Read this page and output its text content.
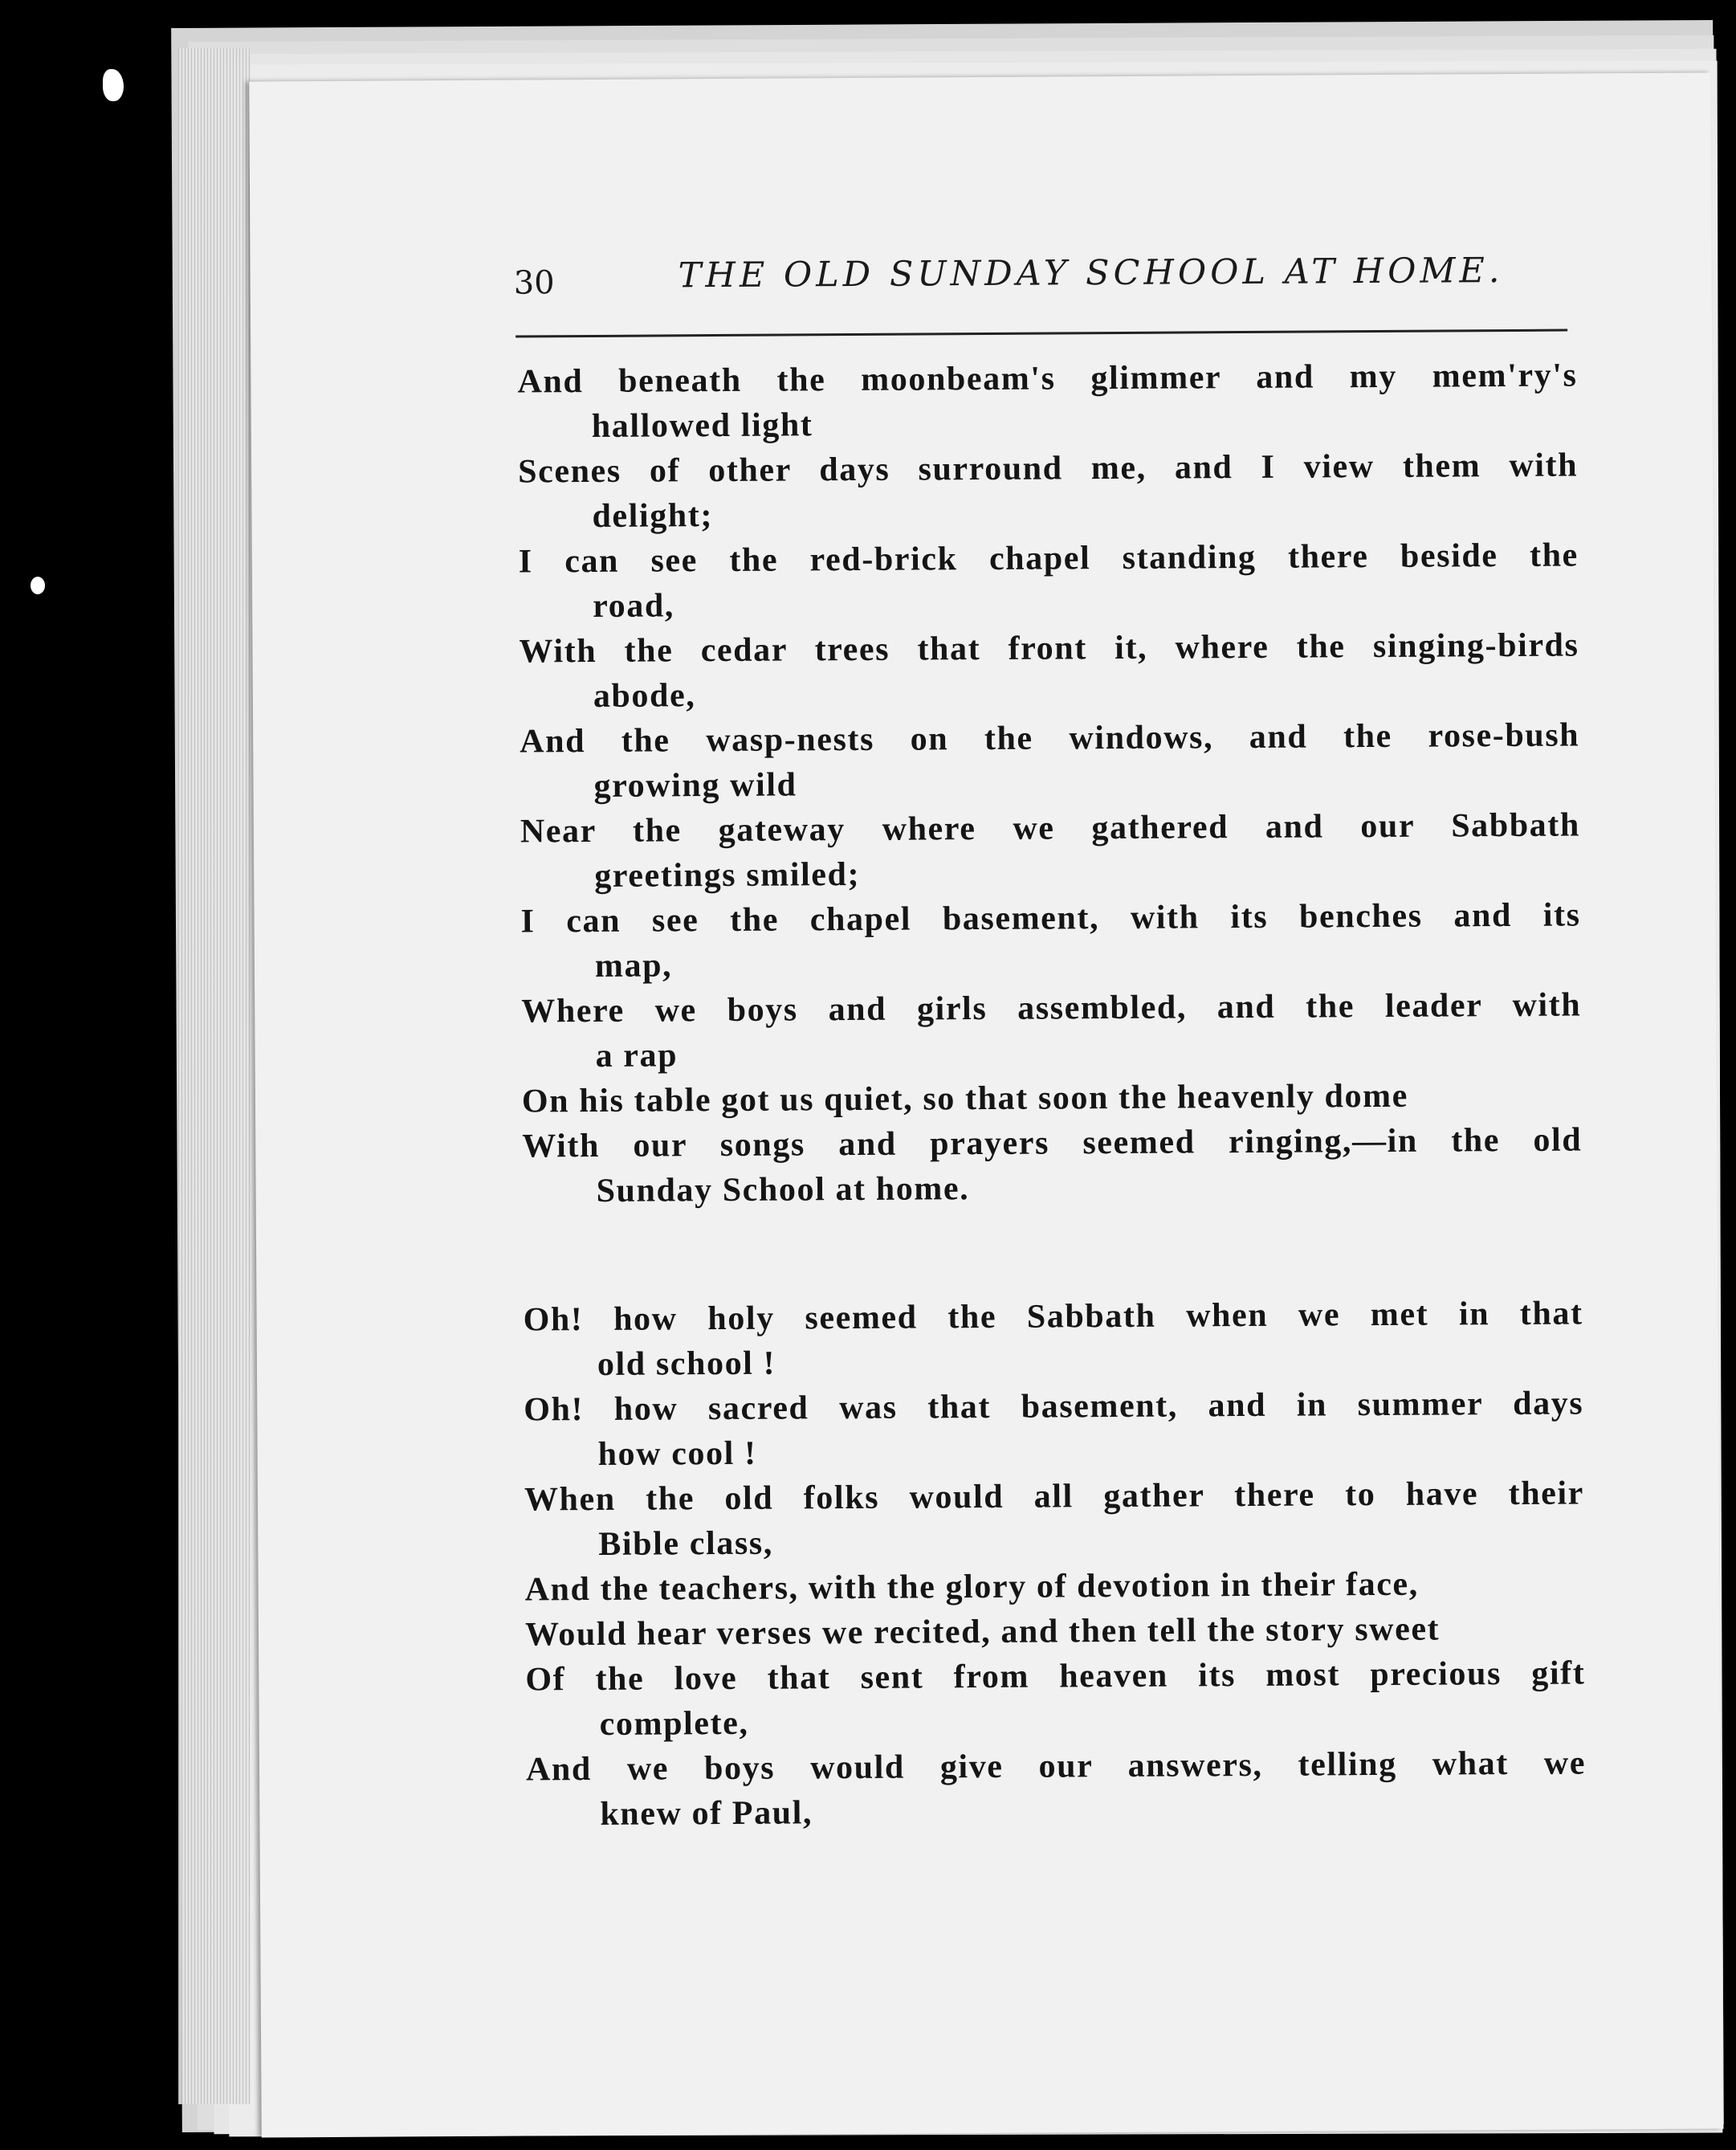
30	THE OLD SUNDAY SCHOOL AT HOME.
And beneath the moonbeam's glimmer and my mem'ry's
hallowed light
Scenes of other days surround me, and I view them with
delight;
I can see the red-brick chapel standing there beside the
road,
With the cedar trees that front it, where the singing-birds
abode,
And the wasp-nests on the windows, and the rose-bush
growing wild
Near the gateway where we gathered and our Sabbath
greetings smiled;
I can see the chapel basement, with its benches and its
map,
Where we boys and girls assembled, and the leader with
a rap
On his table got us quiet, so that soon the heavenly dome
With our songs and prayers seemed ringing,—in the old
Sunday School at home.
Oh! how holy seemed the Sabbath when we met in that
old school !
Oh! how sacred was that basement, and in summer days
how cool !
When the old folks would all gather there to have their
Bible class,
And the teachers, with the glory of devotion in their face,
Would hear verses we recited, and then tell the story sweet
Of the love that sent from heaven its most precious gift
complete,
And we boys would give our answers, telling what we
knew of Paul,
